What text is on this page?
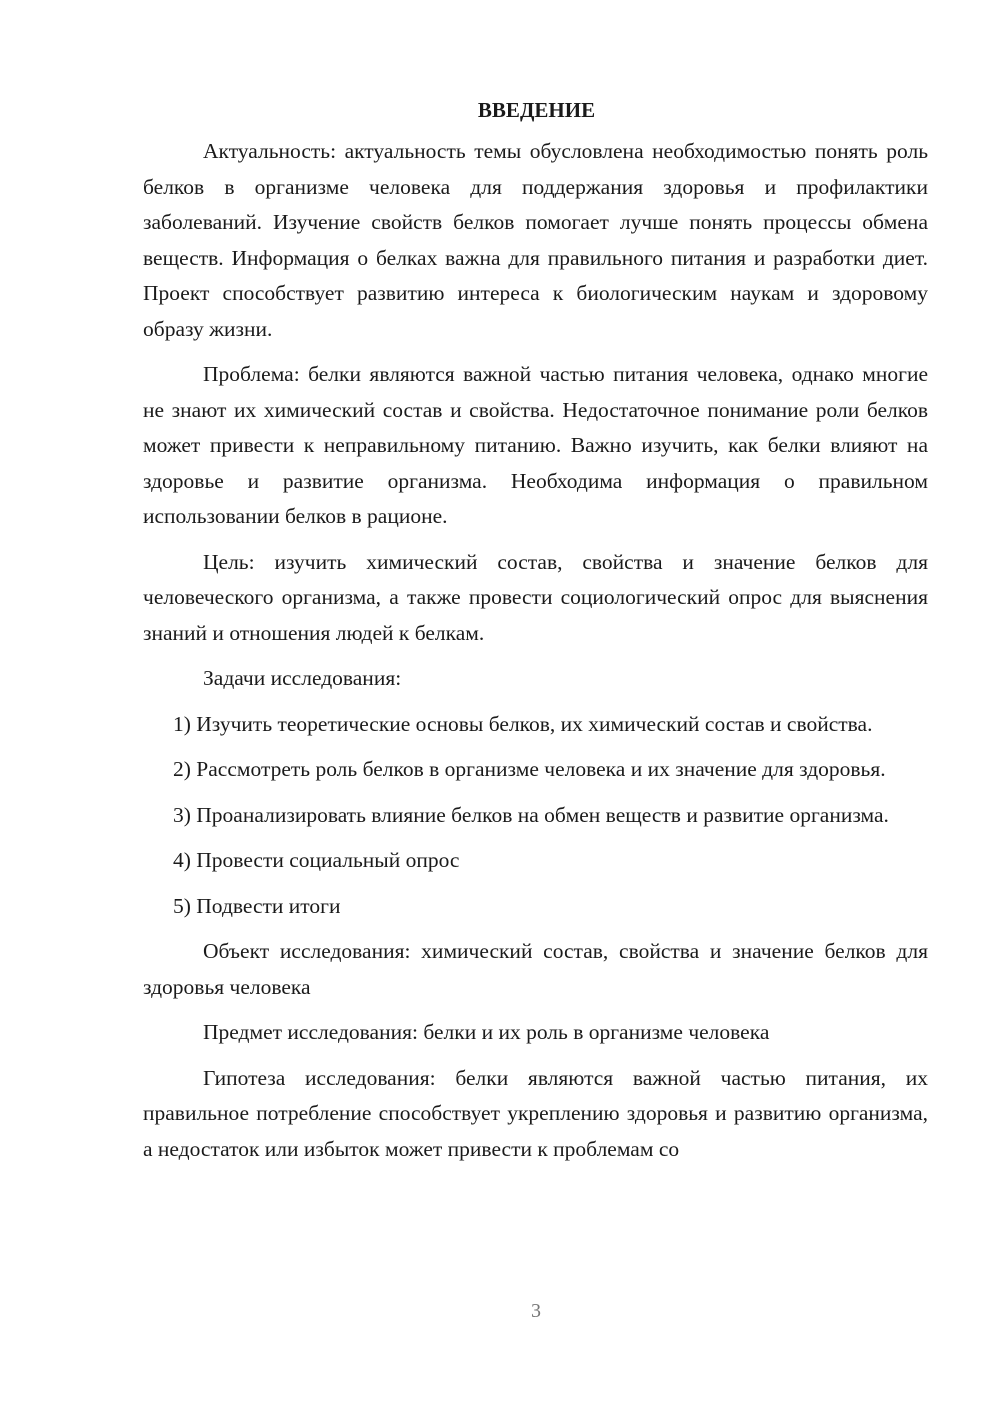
ВВЕДЕНИЕ

Актуальность: актуальность темы обусловлена необходимостью понять роль белков в организме человека для поддержания здоровья и профилактики заболеваний. Изучение свойств белков помогает лучше понять процессы обмена веществ. Информация о белках важна для правильного питания и разработки диет. Проект способствует развитию интереса к биологическим наукам и здоровому образу жизни.

Проблема: белки являются важной частью питания человека, однако многие не знают их химический состав и свойства. Недостаточное понимание роли белков может привести к неправильному питанию. Важно изучить, как белки влияют на здоровье и развитие организма. Необходима информация о правильном использовании белков в рационе.

Цель: изучить химический состав, свойства и значение белков для человеческого организма, а также провести социологический опрос для выяснения знаний и отношения людей к белкам.

Задачи исследования:

1) Изучить теоретические основы белков, их химический состав и свойства.

2) Рассмотреть роль белков в организме человека и их значение для здоровья.

3) Проанализировать влияние белков на обмен веществ и развитие организма.

4) Провести социальный опрос

5) Подвести итоги

Объект исследования: химический состав, свойства и значение белков для здоровья человека

Предмет исследования: белки и их роль в организме человека

Гипотеза исследования: белки являются важной частью питания, их правильное потребление способствует укреплению здоровья и развитию организма, а недостаток или избыток может привести к проблемам со

3
